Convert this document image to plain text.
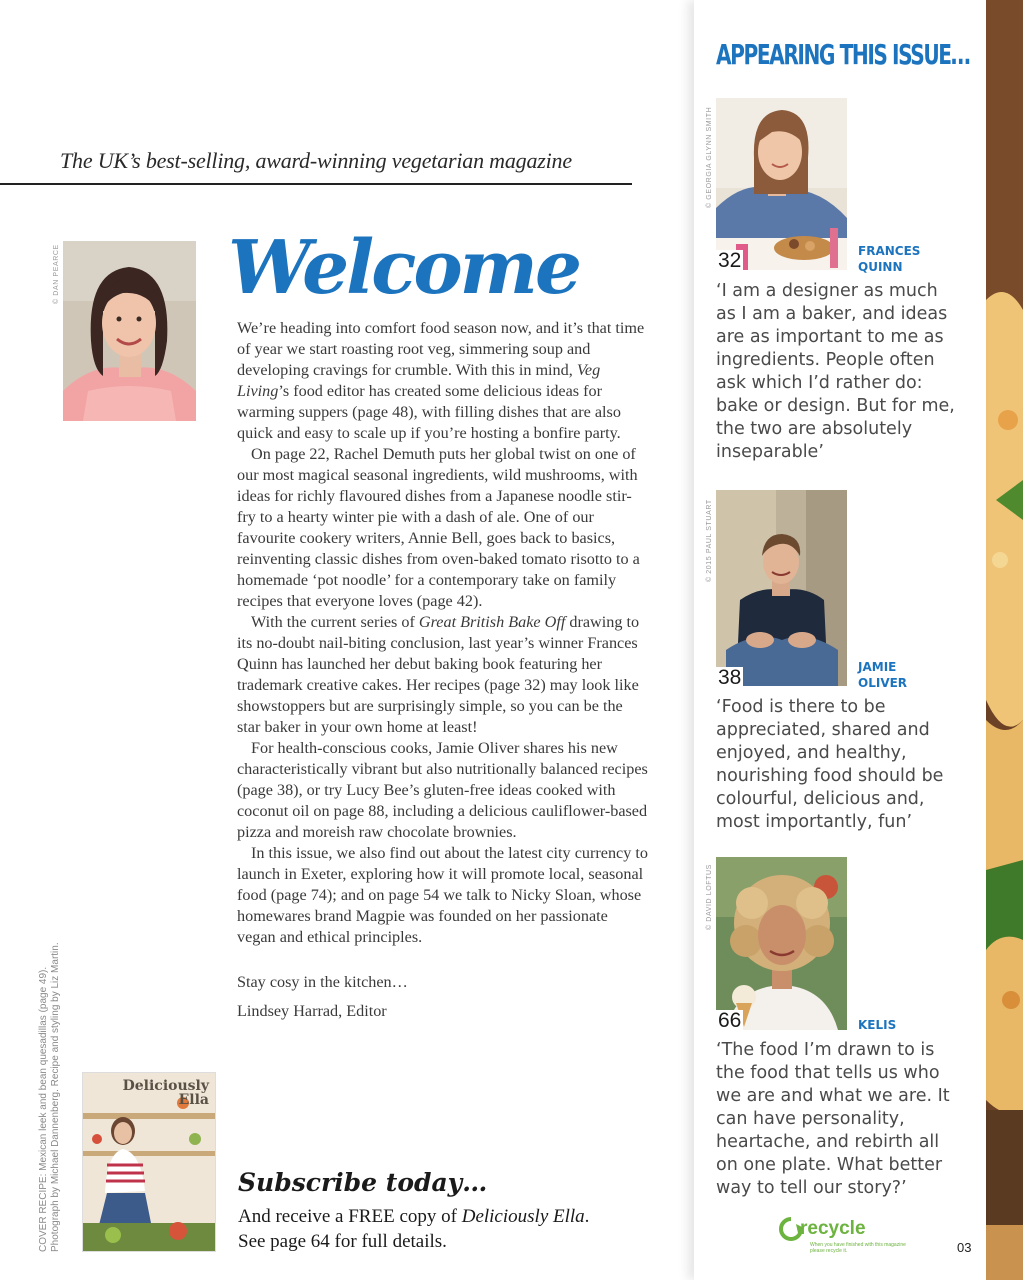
The UK’s best-selling, award-winning vegetarian magazine
© DAN PEARCE Welcome

We’re heading into comfort food season now, and it’s that time of year we start roasting root veg, simmering soup and developing cravings for crumble. With this in mind, Veg Living’s food editor has created some delicious ideas for warming suppers (page 48), with filling dishes that are also quick and easy to scale up if you’re hosting a bonfire party.

On page 22, Rachel Demuth puts her global twist on one of our most magical seasonal ingredients, wild mushrooms, with ideas for richly flavoured dishes from a Japanese noodle stir-fry to a hearty winter pie with a dash of ale. One of our favourite cookery writers, Annie Bell, goes back to basics, reinventing classic dishes from oven-baked tomato risotto to a homemade ‘pot noodle’ for a contemporary take on family recipes that everyone loves (page 42).

With the current series of Great British Bake Off drawing to its no-doubt nail-biting conclusion, last year’s winner Frances Quinn has launched her debut baking book featuring her trademark creative cakes. Her recipes (page 32) may look like showstoppers but are surprisingly simple, so you can be the star baker in your own home at least!

For health-conscious cooks, Jamie Oliver shares his new characteristically vibrant but also nutritionally balanced recipes (page 38), or try Lucy Bee’s gluten-free ideas cooked with coconut oil on page 88, including a delicious cauliflower-based pizza and moreish raw chocolate brownies.

In this issue, we also find out about the latest city currency to launch in Exeter, exploring how it will promote local, seasonal food (page 74); and on page 54 we talk to Nicky Sloan, whose homewares brand Magpie was founded on her passionate vegan and ethical principles.

Stay cosy in the kitchen…
Lindsey Harrad, Editor
COVER RECIPE: Mexican leek and bean quesadillas (page 49). Photograph by Michael Dannenberg. Recipe and styling by Liz Martin.	Deliciously
Ella
Subscribe today…
And receive a FREE copy of Deliciously Ella.
See page 64 for full details.
APPEARING THIS ISSUE…
© GEORGIA GLYNN SMITH
32	FRANCES
QUINN
‘I am a designer as much as I am a baker, and ideas are as important to me as ingredients. People often ask which I’d rather do: bake or design. But for me, the two are absolutely inseparable’
© 2015 PAUL STUART
38	JAMIE
OLIVER
‘Food is there to be appreciated, shared and enjoyed, and healthy, nourishing food should be colourful, delicious and, most importantly, fun’
© DAVID LOFTUS
66	KELIS
‘The food I’m drawn to is the food that tells us who we are and what we are. It can have personality, heartache, and rebirth all on one plate. What better way to tell our story?’
recycle
When you have finished with this magazine please recycle it.	03
